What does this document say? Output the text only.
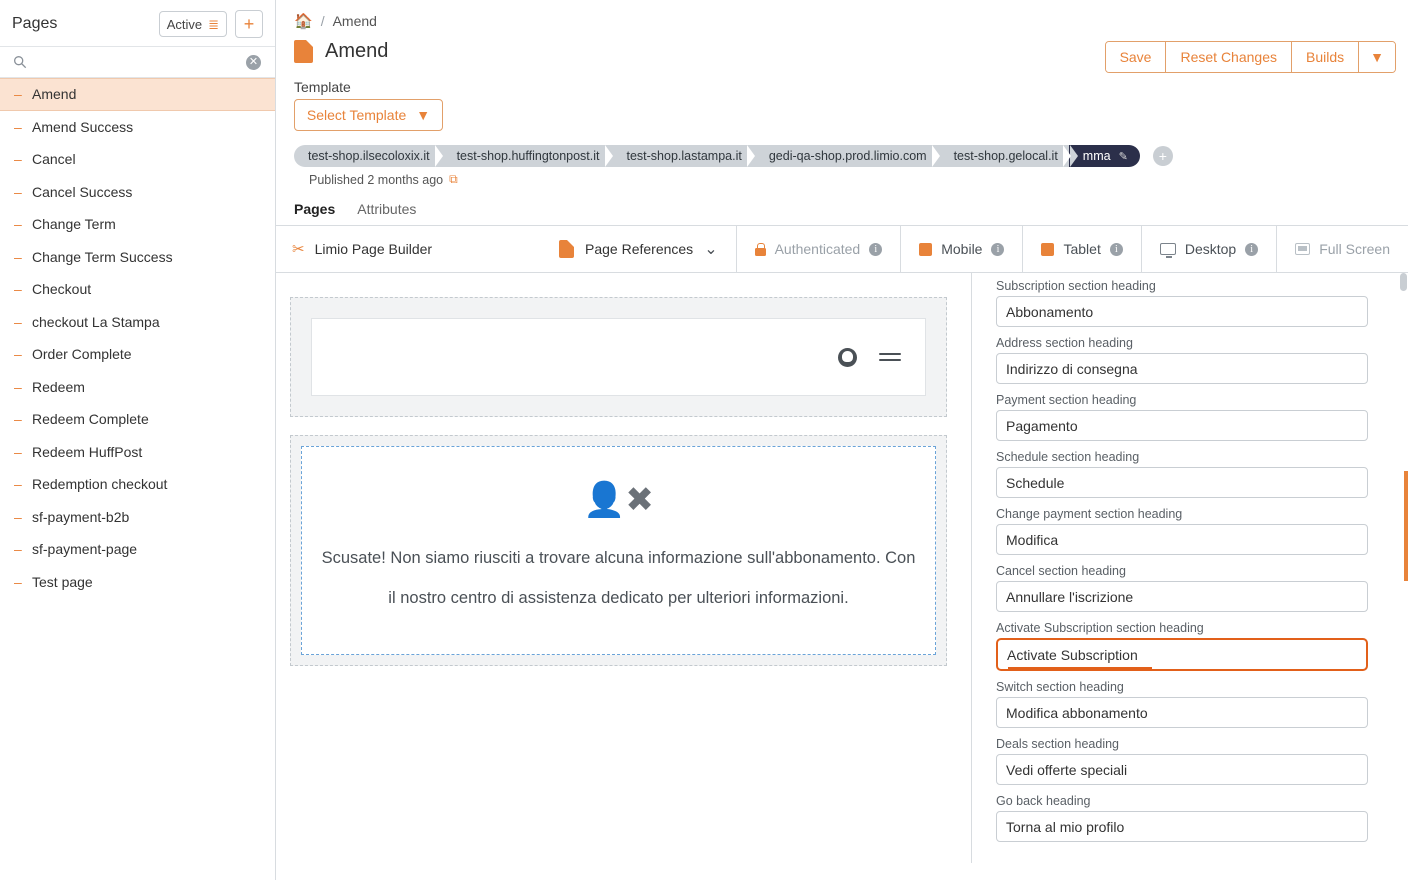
Pages	Active ≣	+
✕
– Amend
– Amend Success
– Cancel
– Cancel Success
– Change Term
– Change Term Success
– Checkout
– checkout La Stampa
– Order Complete
– Redeem
– Redeem Complete
– Redeem HuffPost
– Redemption checkout
– sf-payment-b2b
– sf-payment-page
– Test page
🏠 / Amend
Amend	Save	Reset Changes	Builds	▼
Template
Select Template ▼
test-shop.ilsecoloxix.it test-shop.huffingtonpost.it test-shop.lastampa.it gedi-qa-shop.prod.limio.com test-shop.gelocal.it mma ✎	+
Published 2 months ago ⧉
Pages Attributes
✂ Limio Page Builder	Page References ⌄	Authenticated	i	Mobile	i	Tablet	i	Desktop	i	Full Screen
👤✖
Scusate! Non siamo riusciti a trovare alcuna informazione sull'abbonamento. Con
il nostro centro di assistenza dedicato per ulteriori informazioni.
Subscription section heading
Abbonamento
Address section heading
Indirizzo di consegna
Payment section heading
Pagamento
Schedule section heading
Schedule
Change payment section heading
Modifica
Cancel section heading
Annullare l'iscrizione
Activate Subscription section heading
Activate Subscription
Switch section heading
Modifica abbonamento
Deals section heading
Vedi offerte speciali
Go back heading
Torna al mio profilo
